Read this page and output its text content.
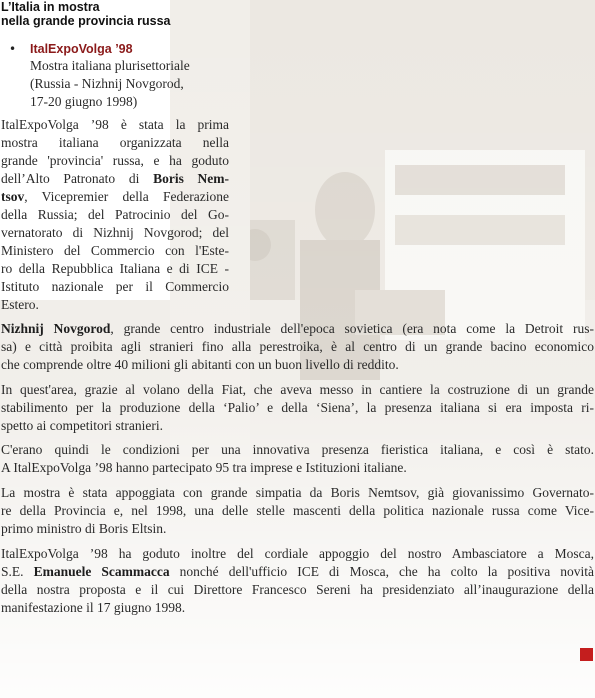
L’Italia in mostra
nella grande provincia russa
• ItalExpoVolga ’98
Mostra italiana plurisettoriale
(Russia - Nizhnij Novgorod,
17-20 giugno 1998)
ItalExpoVolga ’98 è stata la prima
mostra italiana organizzata nella
grande 'provincia' russa, e ha goduto
dell’Alto Patronato di Boris Nem-
tsov, Vicepremier della Federazione
della Russia; del Patrocinio del Go-
vernatorato di Nizhnij Novgorod; del
Ministero del Commercio con l'Este-
ro della Repubblica Italiana e di ICE -
Istituto nazionale per il Commercio
Estero.
Nizhnij Novgorod, grande centro industriale dell'epoca sovietica (era nota come la Detroit rus-
sa) e città proibita agli stranieri fino alla perestroika, è al centro di un grande bacino economico
che comprende oltre 40 milioni gli abitanti con un buon livello di reddito.
In quest'area, grazie al volano della Fiat, che aveva messo in cantiere la costruzione di un grande
stabilimento per la produzione della ‘Palio’ e della ‘Siena’, la presenza italiana si era imposta ri-
spetto ai competitori stranieri.
C'erano quindi le condizioni per una innovativa presenza fieristica italiana, e così è stato.
A ItalExpoVolga ’98 hanno partecipato 95 tra imprese e Istituzioni italiane.
La mostra è stata appoggiata con grande simpatia da Boris Nemtsov, già giovanissimo Governato-
re della Provincia e, nel 1998, una delle stelle mascenti della politica nazionale russa come Vice-
primo ministro di Boris Eltsin.
ItalExpoVolga ’98 ha goduto inoltre del cordiale appoggio del nostro Ambasciatore a Mosca,
S.E. Emanuele Scammacca nonché dell'ufficio ICE di Mosca, che ha colto la positiva novità
della nostra proposta e il cui Direttore Francesco Sereni ha presidenziato all’inaugurazione della
manifestazione il 17 giugno 1998.
